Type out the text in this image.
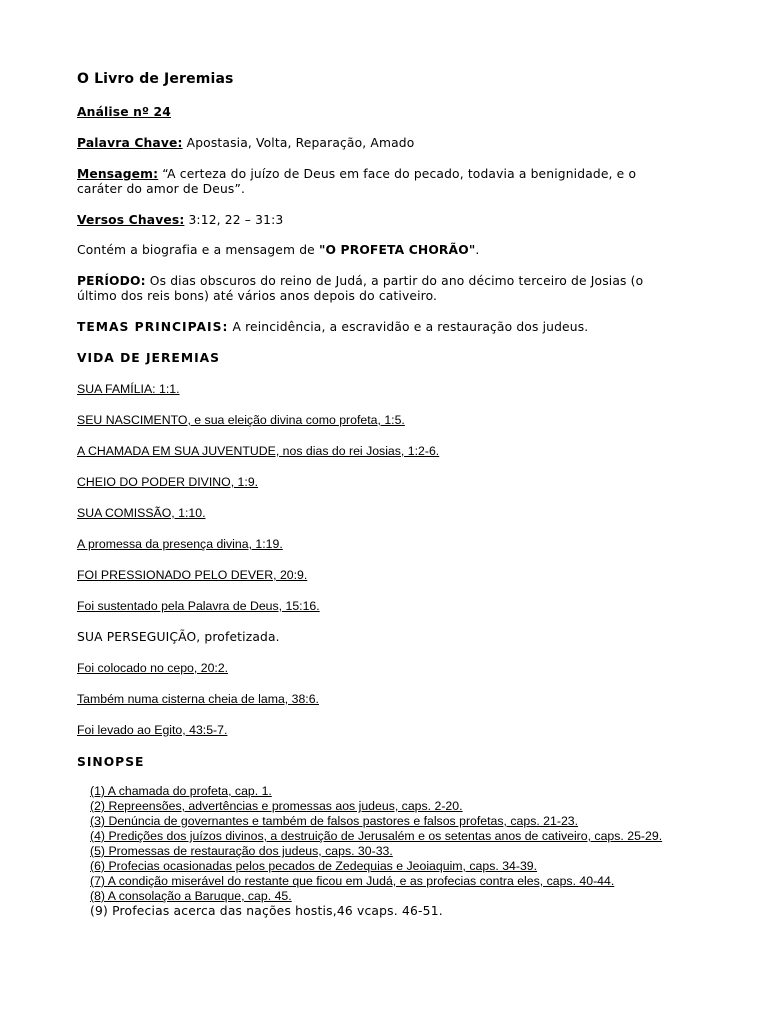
O Livro de Jeremias

Análise nº 24

Palavra Chave: Apostasia, Volta, Reparação, Amado

Mensagem: “A certeza do juízo de Deus em face do pecado, todavia a benignidade, e o

caráter do amor de Deus”.

Versos Chaves: 3:12, 22 – 31:3

Contém a biografia e a mensagem de "O PROFETA CHORÃO".

PERÍODO: Os dias obscuros do reino de Judá, a partir do ano décimo terceiro de Josias (o

último dos reis bons) até vários anos depois do cativeiro.

TEMAS PRINCIPAIS: A reincidência, a escravidão e a restauração dos judeus.

VIDA DE JEREMIAS

SUA FAMÍLIA: 1:1.

SEU NASCIMENTO, e sua eleição divina como profeta, 1:5.

A CHAMADA EM SUA JUVENTUDE, nos dias do rei Josias, 1:2-6.

CHEIO DO PODER DIVINO, 1:9.

SUA COMISSÃO, 1:10.

A promessa da presença divina, 1:19.

FOI PRESSIONADO PELO DEVER, 20:9.

Foi sustentado pela Palavra de Deus, 15:16.

SUA PERSEGUIÇÃO, profetizada.

Foi colocado no cepo, 20:2.

Também numa cisterna cheia de lama, 38:6.

Foi levado ao Egito, 43:5-7.

SINOPSE

(1) A chamada do profeta, cap. 1.
(2) Repreensões, advertências e promessas aos judeus, caps. 2-20.
(3) Denúncia de governantes e também de falsos pastores e falsos profetas, caps. 21-23.
(4) Predições dos juízos divinos, a destruição de Jerusalém e os setentas anos de cativeiro, caps. 25-29.
(5) Promessas de restauração dos judeus, caps. 30-33.
(6) Profecias ocasionadas pelos pecados de Zedequias e Jeoiaquim, caps. 34-39.
(7) A condição miserável do restante que ficou em Judá, e as profecias contra eles, caps. 40-44.
(8) A consolação a Baruque, cap. 45.
(9) Profecias acerca das nações hostis,46 vcaps. 46-51.
